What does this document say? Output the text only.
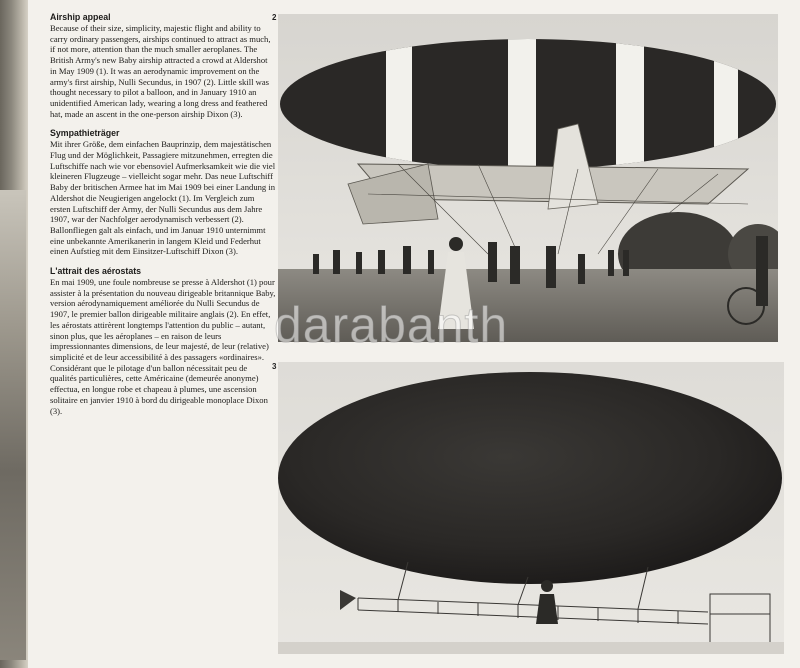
Airship appeal

Because of their size, simplicity, majestic flight and ability to carry ordinary passengers, airships continued to attract as much, if not more, attention than the much smaller aeroplanes. The British Army's new Baby airship attracted a crowd at Aldershot in May 1909 (1). It was an aerodynamic improvement on the army's first airship, Nulli Secundus, in 1907 (2). Little skill was thought necessary to pilot a balloon, and in January 1910 an unidentified American lady, wearing a long dress and feathered hat, made an ascent in the one-person airship Dixon (3).

Sympathieträger

Mit ihrer Größe, dem einfachen Bauprinzip, dem majestätischen Flug und der Möglichkeit, Passagiere mitzunehmen, erregten die Luftschiffe nach wie vor ebensoviel Aufmerksamkeit wie die viel kleineren Flugzeuge – vielleicht sogar mehr. Das neue Luftschiff Baby der britischen Armee hat im Mai 1909 bei einer Landung in Aldershot die Neugierigen angelockt (1). Im Vergleich zum ersten Luftschiff der Army, der Nulli Secundus aus dem Jahre 1907, war der Nachfolger aerodynamisch verbessert (2). Ballonfliegen galt als einfach, und im Januar 1910 unternimmt eine unbekannte Amerikanerin in langem Kleid und Federhut einen Aufstieg mit dem Einsitzer-Luftschiff Dixon (3).

L'attrait des aérostats

En mai 1909, une foule nombreuse se presse à Aldershot (1) pour assister à la présentation du nouveau dirigeable britannique Baby, version aérodynamiquement améliorée du Nulli Secundus de 1907, le premier ballon dirigeable militaire anglais (2). En effet, les aérostats attirèrent longtemps l'attention du public – autant, sinon plus, que les aéroplanes – en raison de leurs impressionnantes dimensions, de leur majesté, de leur (relative) simplicité et de leur accessibilité à des passagers «ordinaires». Considérant que le pilotage d'un ballon nécessitait peu de qualités particulières, cette Américaine (demeurée anonyme) effectua, en longue robe et chapeau à plumes, une ascension solitaire en janvier 1910 à bord du dirigeable monoplace Dixon (3).

2
3
darabanth
